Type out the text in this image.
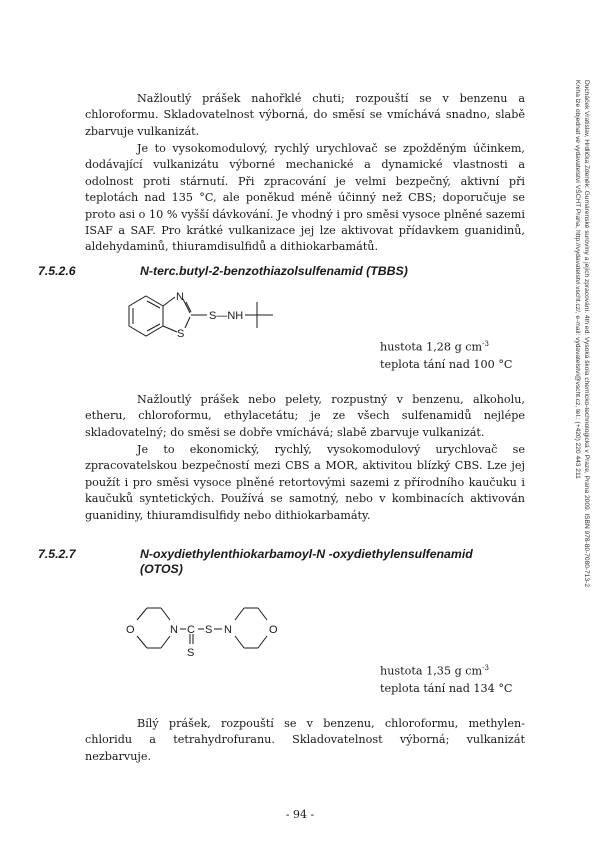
Nažloutlý prášek nahořklé chuti; rozpouští se v benzenu a chloroformu. Skladovatelnost výborná, do směsí se vmíchává snadno, slabě zbarvuje vulkanizát.

Je to vysokomodulový, rychlý urychlovač se zpožděným účinkem, dodávající vulkanizátu výborné mechanické a dynamické vlastnosti a odolnost proti stárnutí. Při zpracování je velmi bezpečný, aktivní při teplotách nad 135 °C, ale poněkud méně účinný než CBS; doporučuje se proto asi o 10 % vyšší dávkování. Je vhodný i pro směsi vysoce plněné sazemi ISAF a SAF. Pro krátké vulkanizace jej lze aktivovat přídavkem guanidinů, aldehydaminů, thiuramdisulfidů a dithiokarbamátů.

7.5.2.6	N-terc.butyl-2-benzothiazolsulfenamid (TBBS)
N
S
S—NH
hustota 1,28 g $cm^{-3}$
teplota tání nad 100 °C

Nažloutlý prášek nebo pelety, rozpustný v benzenu, alkoholu, etheru, chloroformu, ethylacetátu; je ze všech sulfenamidů nejlépe skladovatelný; do směsi se dobře vmíchává; slabě zbarvuje vulkanizát.

Je to ekonomický, rychlý, vysokomodulový urychlovač se zpracovatelskou bezpečností mezi CBS a MOR, aktivitou blízký CBS. Lze jej použít i pro směsi vysoce plněné retortovými sazemi z přírodního kaučuku i kaučuků syntetických. Používá se samotný, nebo v kombinacích aktivován guanidiny, thiuramdisulfidy nebo dithiokarbamáty.

7.5.2.7	N-oxydiethylenthiokarbamoyl-N -oxydiethylensulfenamid
(OTOS)
O	N C
S
S N	O
hustota 1,35 g $cm^{-3}$
teplota tání nad 134 °C

Bílý prášek, rozpouští se v benzenu, chloroformu, methylen-chloridu a tetrahydrofuranu. Skladovatelnost výborná; vulkanizát nezbarvuje.

Ducháček Vratislav, Hrdlička Zdeněk: Gumárenské suroviny a jejich zpracování. 4th ed. Vysoká škola chemicko-technologická v Praze, Praha 2009. ISBN 978-80-7080-713-2
Kniha lze objednat ve vydavatelství VŠCHT Praha, http://vydavatelstvi.vscht.cz/, e-mail: vydavatelstvi@vscht.cz, tel.: (+420) 220 443 211
- 94 -
